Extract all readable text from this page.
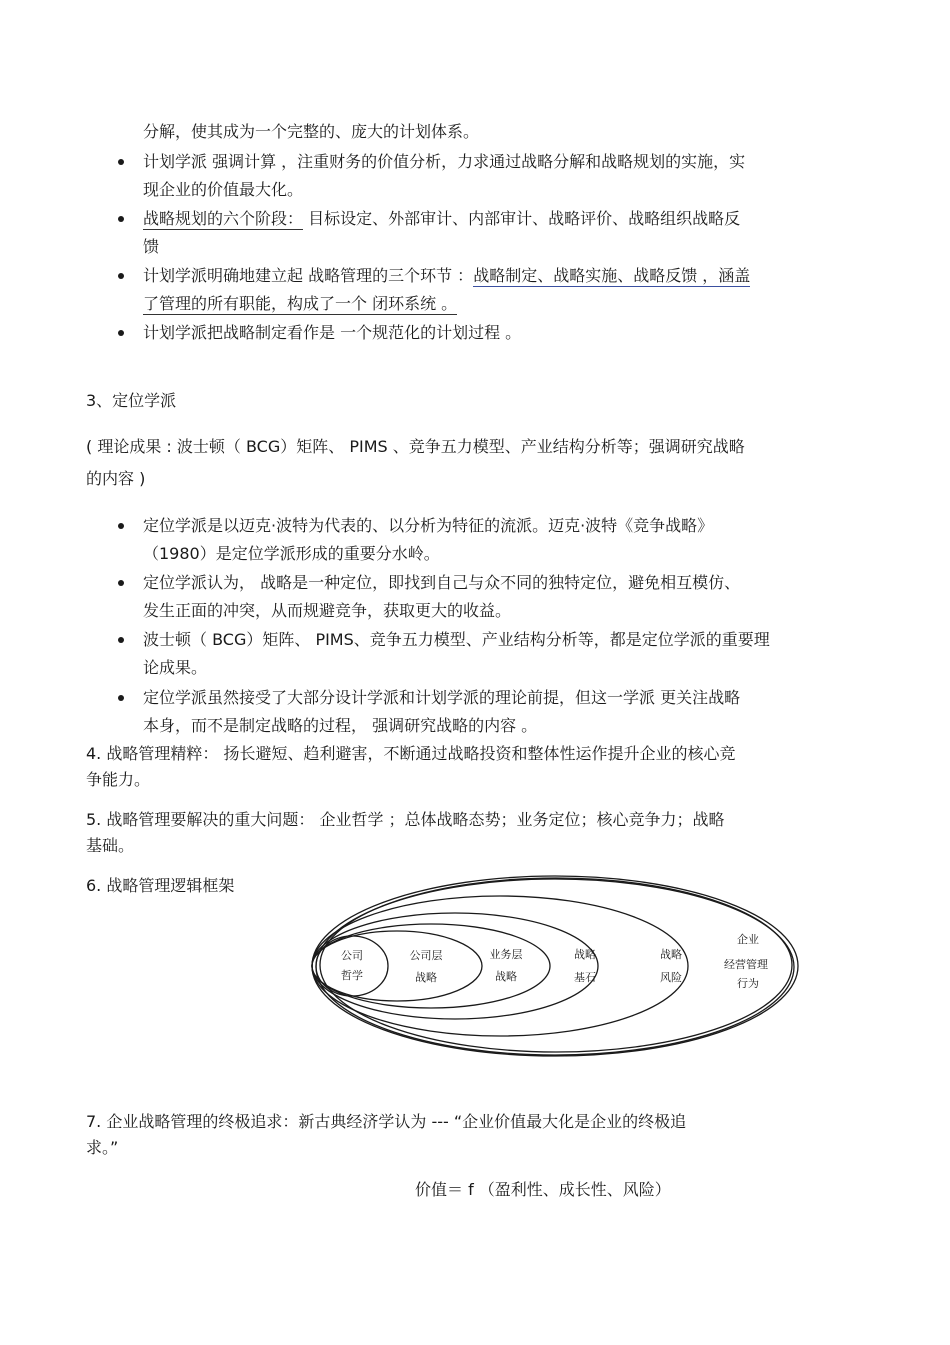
分解，使其成为一个完整的、庞大的计划体系。
计划学派 强调计算 ，注重财务的价值分析，力求通过战略分解和战略规划的实施，实
现企业的价值最大化。
战略规划的六个阶段： 目标设定、外部审计、内部审计、战略评价、战略组织战略反
馈
计划学派明确地建立起 战略管理的三个环节 ：战略制定、战略实施、战略反馈 ，涵盖
了管理的所有职能，构成了一个 闭环系统 。
计划学派把战略制定看作是 一个规范化的计划过程 。
3、定位学派
( 理论成果 : 波士顿（ BCG）矩阵、 PIMS 、竞争五力模型、产业结构分析等；强调研究战略
的内容 )
定位学派是以迈克·波特为代表的、以分析为特征的流派。迈克·波特《竞争战略》
（1980）是定位学派形成的重要分水岭。
定位学派认为， 战略是一种定位，即找到自己与众不同的独特定位，避免相互模仿、
发生正面的冲突，从而规避竞争，获取更大的收益。
波士顿（ BCG）矩阵、 PIMS、竞争五力模型、产业结构分析等，都是定位学派的重要理
论成果。
定位学派虽然接受了大部分设计学派和计划学派的理论前提，但这一学派 更关注战略
本身，而不是制定战略的过程， 强调研究战略的内容 。
4. 战略管理精粹： 扬长避短、趋利避害，不断通过战略投资和整体性运作提升企业的核心竞
争能力。
5. 战略管理要解决的重大问题： 企业哲学 ；总体战略态势；业务定位；核心竞争力；战略
基础。
6. 战略管理逻辑框架
公司
哲学
公司层
战略
业务层
战略
战略
基石
战略
风险
企业
经营管理
行为
7. 企业战略管理的终极追求：新古典经济学认为 --- “企业价值最大化是企业的终极追
求。”
价值＝ f （盈利性、成长性、风险）
